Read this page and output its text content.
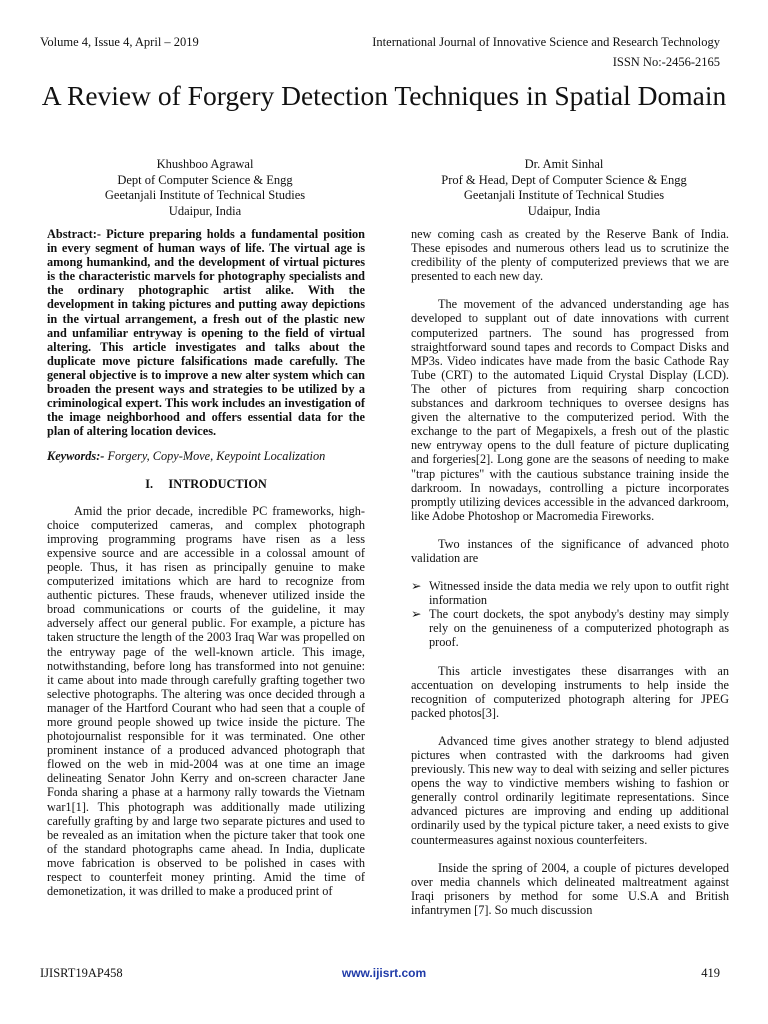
Volume 4, Issue 4, April – 2019	International Journal of Innovative Science and Research Technology
ISSN No:-2456-2165
A Review of Forgery Detection Techniques in Spatial Domain
Khushboo Agrawal
Dept of Computer Science & Engg
Geetanjali Institute of Technical Studies
Udaipur, India
Dr. Amit Sinhal
Prof & Head, Dept of Computer Science & Engg
Geetanjali Institute of Technical Studies
Udaipur, India

Abstract:- Picture preparing holds a fundamental position in every segment of human ways of life. The virtual age is among humankind, and the development of virtual pictures is the characteristic marvels for photography specialists and the ordinary photographic artist alike. With the development in taking pictures and putting away depictions in the virtual arrangement, a fresh out of the plastic new and unfamiliar entryway is opening to the field of virtual altering. This article investigates and talks about the duplicate move picture falsifications made carefully. The general objective is to improve a new alter system which can broaden the present ways and strategies to be utilized by a criminological expert. This work includes an investigation of the image neighborhood and offers essential data for the plan of altering location devices.

Keywords:- Forgery, Copy-Move, Keypoint Localization

I.     INTRODUCTION

Amid the prior decade, incredible PC frameworks, high-choice computerized cameras, and complex photograph improving programming programs have risen as a less expensive source and are accessible in a colossal amount of people. Thus, it has risen as principally genuine to make computerized imitations which are hard to recognize from authentic pictures. These frauds, whenever utilized inside the broad communications or courts of the guideline, it may adversely affect our general public. For example, a picture has taken structure the length of the 2003 Iraq War was propelled on the entryway page of the well-known article. This image, notwithstanding, before long has transformed into not genuine: it came about into made through carefully grafting together two selective photographs. The altering was once decided through a manager of the Hartford Courant who had seen that a couple of more ground people showed up twice inside the picture. The photojournalist responsible for it was terminated. One other prominent instance of a produced advanced photograph that flowed on the web in mid-2004 was at one time an image delineating Senator John Kerry and on-screen character Jane Fonda sharing a phase at a harmony rally towards the Vietnam war1[1]. This photograph was additionally made utilizing carefully grafting by and large two separate pictures and used to be revealed as an imitation when the picture taker that took one of the standard photographs came ahead. In India, duplicate move fabrication is observed to be polished in cases with respect to counterfeit money printing. Amid the time of demonetization, it was drilled to make a produced print of

new coming cash as created by the Reserve Bank of India. These episodes and numerous others lead us to scrutinize the credibility of the plenty of computerized previews that we are presented to each new day.

The movement of the advanced understanding age has developed to supplant out of date innovations with current computerized partners. The sound has progressed from straightforward sound tapes and records to Compact Disks and MP3s. Video indicates have made from the basic Cathode Ray Tube (CRT) to the automated Liquid Crystal Display (LCD). The other of pictures from requiring sharp concoction substances and darkroom techniques to oversee designs has given the alternative to the computerized period. With the exchange to the part of Megapixels, a fresh out of the plastic new entryway opens to the dull feature of picture duplicating and forgeries[2]. Long gone are the seasons of needing to make "trap pictures" with the cautious substance training inside the darkroom. In nowadays, controlling a picture incorporates promptly utilizing devices accessible in the advanced darkroom, like Adobe Photoshop or Macromedia Fireworks.

Two instances of the significance of advanced photo validation are

➢ Witnessed inside the data media we rely upon to outfit right information
➢ The court dockets, the spot anybody's destiny may simply rely on the genuineness of a computerized photograph as proof.

This article investigates these disarranges with an accentuation on developing instruments to help inside the recognition of computerized photograph altering for JPEG packed photos[3].

Advanced time gives another strategy to blend adjusted pictures when contrasted with the darkrooms had given previously. This new way to deal with seizing and seller pictures opens the way to vindictive members wishing to fashion or generally control ordinarily legitimate representations. Since advanced pictures are improving and ending up additional ordinarily used by the typical picture taker, a need exists to give countermeasures against noxious counterfeiters.

Inside the spring of 2004, a couple of pictures developed over media channels which delineated maltreatment against Iraqi prisoners by method for some U.S.A and British infantrymen [7]. So much discussion

IJISRT19AP458	www.ijisrt.com	419
